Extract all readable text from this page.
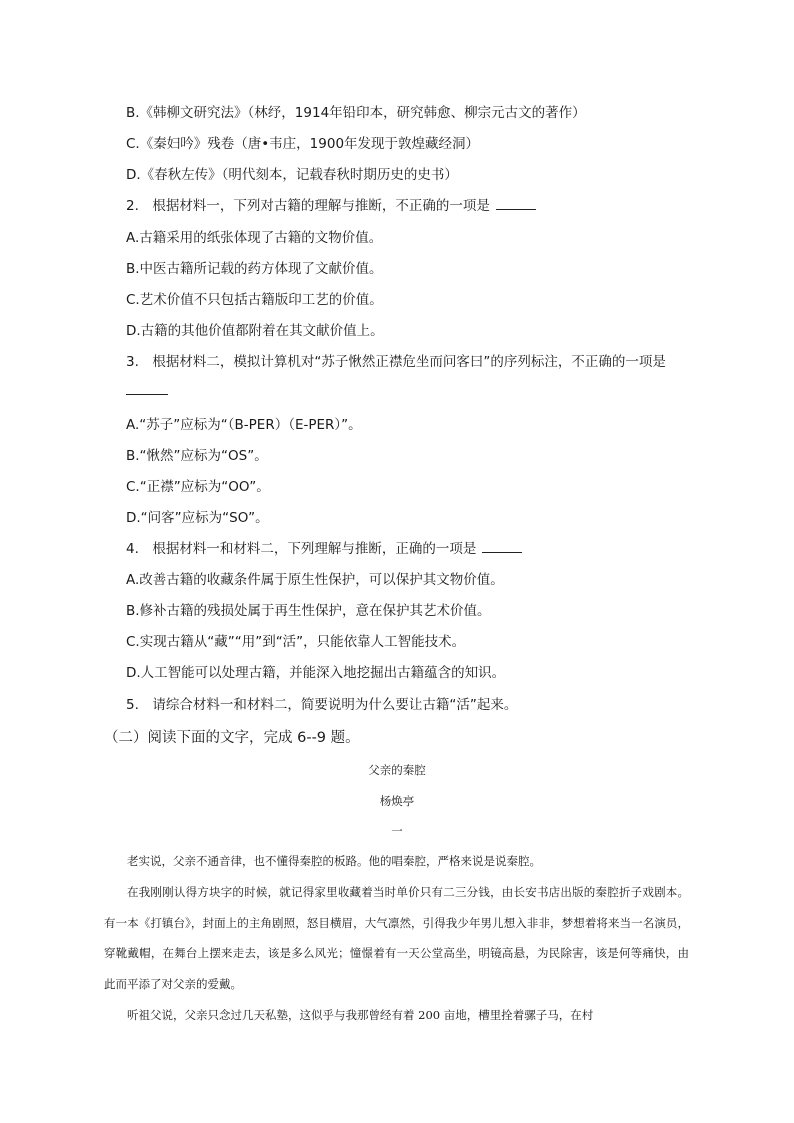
B.《韩柳文研究法》（林纾，1914年铅印本，研究韩愈、柳宗元古文的著作）
C.《秦妇吟》残卷（唐•韦庄，1900年发现于敦煌藏经洞）
D.《春秋左传》（明代刻本，记载春秋时期历史的史书）
2.　根据材料一，下列对古籍的理解与推断，不正确的一项是
A.古籍采用的纸张体现了古籍的文物价值。
B.中医古籍所记载的药方体现了文献价值。
C.艺术价值不只包括古籍版印工艺的价值。
D.古籍的其他价值都附着在其文献价值上。
3.　根据材料二，模拟计算机对“苏子愀然正襟危坐而问客曰”的序列标注，不正确的一项是
A.“苏子”应标为“（B-PER）（E-PER）”。
B.“愀然”应标为“OS”。
C.“正襟”应标为“OO”。
D.“问客”应标为“SO”。
4.　根据材料一和材料二，下列理解与推断，正确的一项是
A.改善古籍的收藏条件属于原生性保护，可以保护其文物价值。
B.修补古籍的残损处属于再生性保护，意在保护其艺术价值。
C.实现古籍从“藏”“用”到“活”，只能依靠人工智能技术。
D.人工智能可以处理古籍，并能深入地挖掘出古籍蕴含的知识。
5.　请综合材料一和材料二，简要说明为什么要让古籍“活”起来。
（二）阅读下面的文字，完成 6--9 题。
父亲的秦腔
杨焕亭
一
老实说，父亲不通音律，也不懂得秦腔的板路。他的唱秦腔，严格来说是说秦腔。
在我刚刚认得方块字的时候，就记得家里收藏着当时单价只有二三分钱，由长安书店出版的秦腔折子戏剧本。有一本《打镇台》，封面上的主角剧照，怒目横眉，大气凛然，引得我少年男儿想入非非，梦想着将来当一名演员，穿靴戴帽，在舞台上摆来走去，该是多么风光；憧憬着有一天公堂高坐，明镜高悬，为民除害，该是何等痛快，由此而平添了对父亲的爱戴。
听祖父说，父亲只念过几天私塾，这似乎与我那曾经有着 200 亩地，槽里拴着骡子马，在村
